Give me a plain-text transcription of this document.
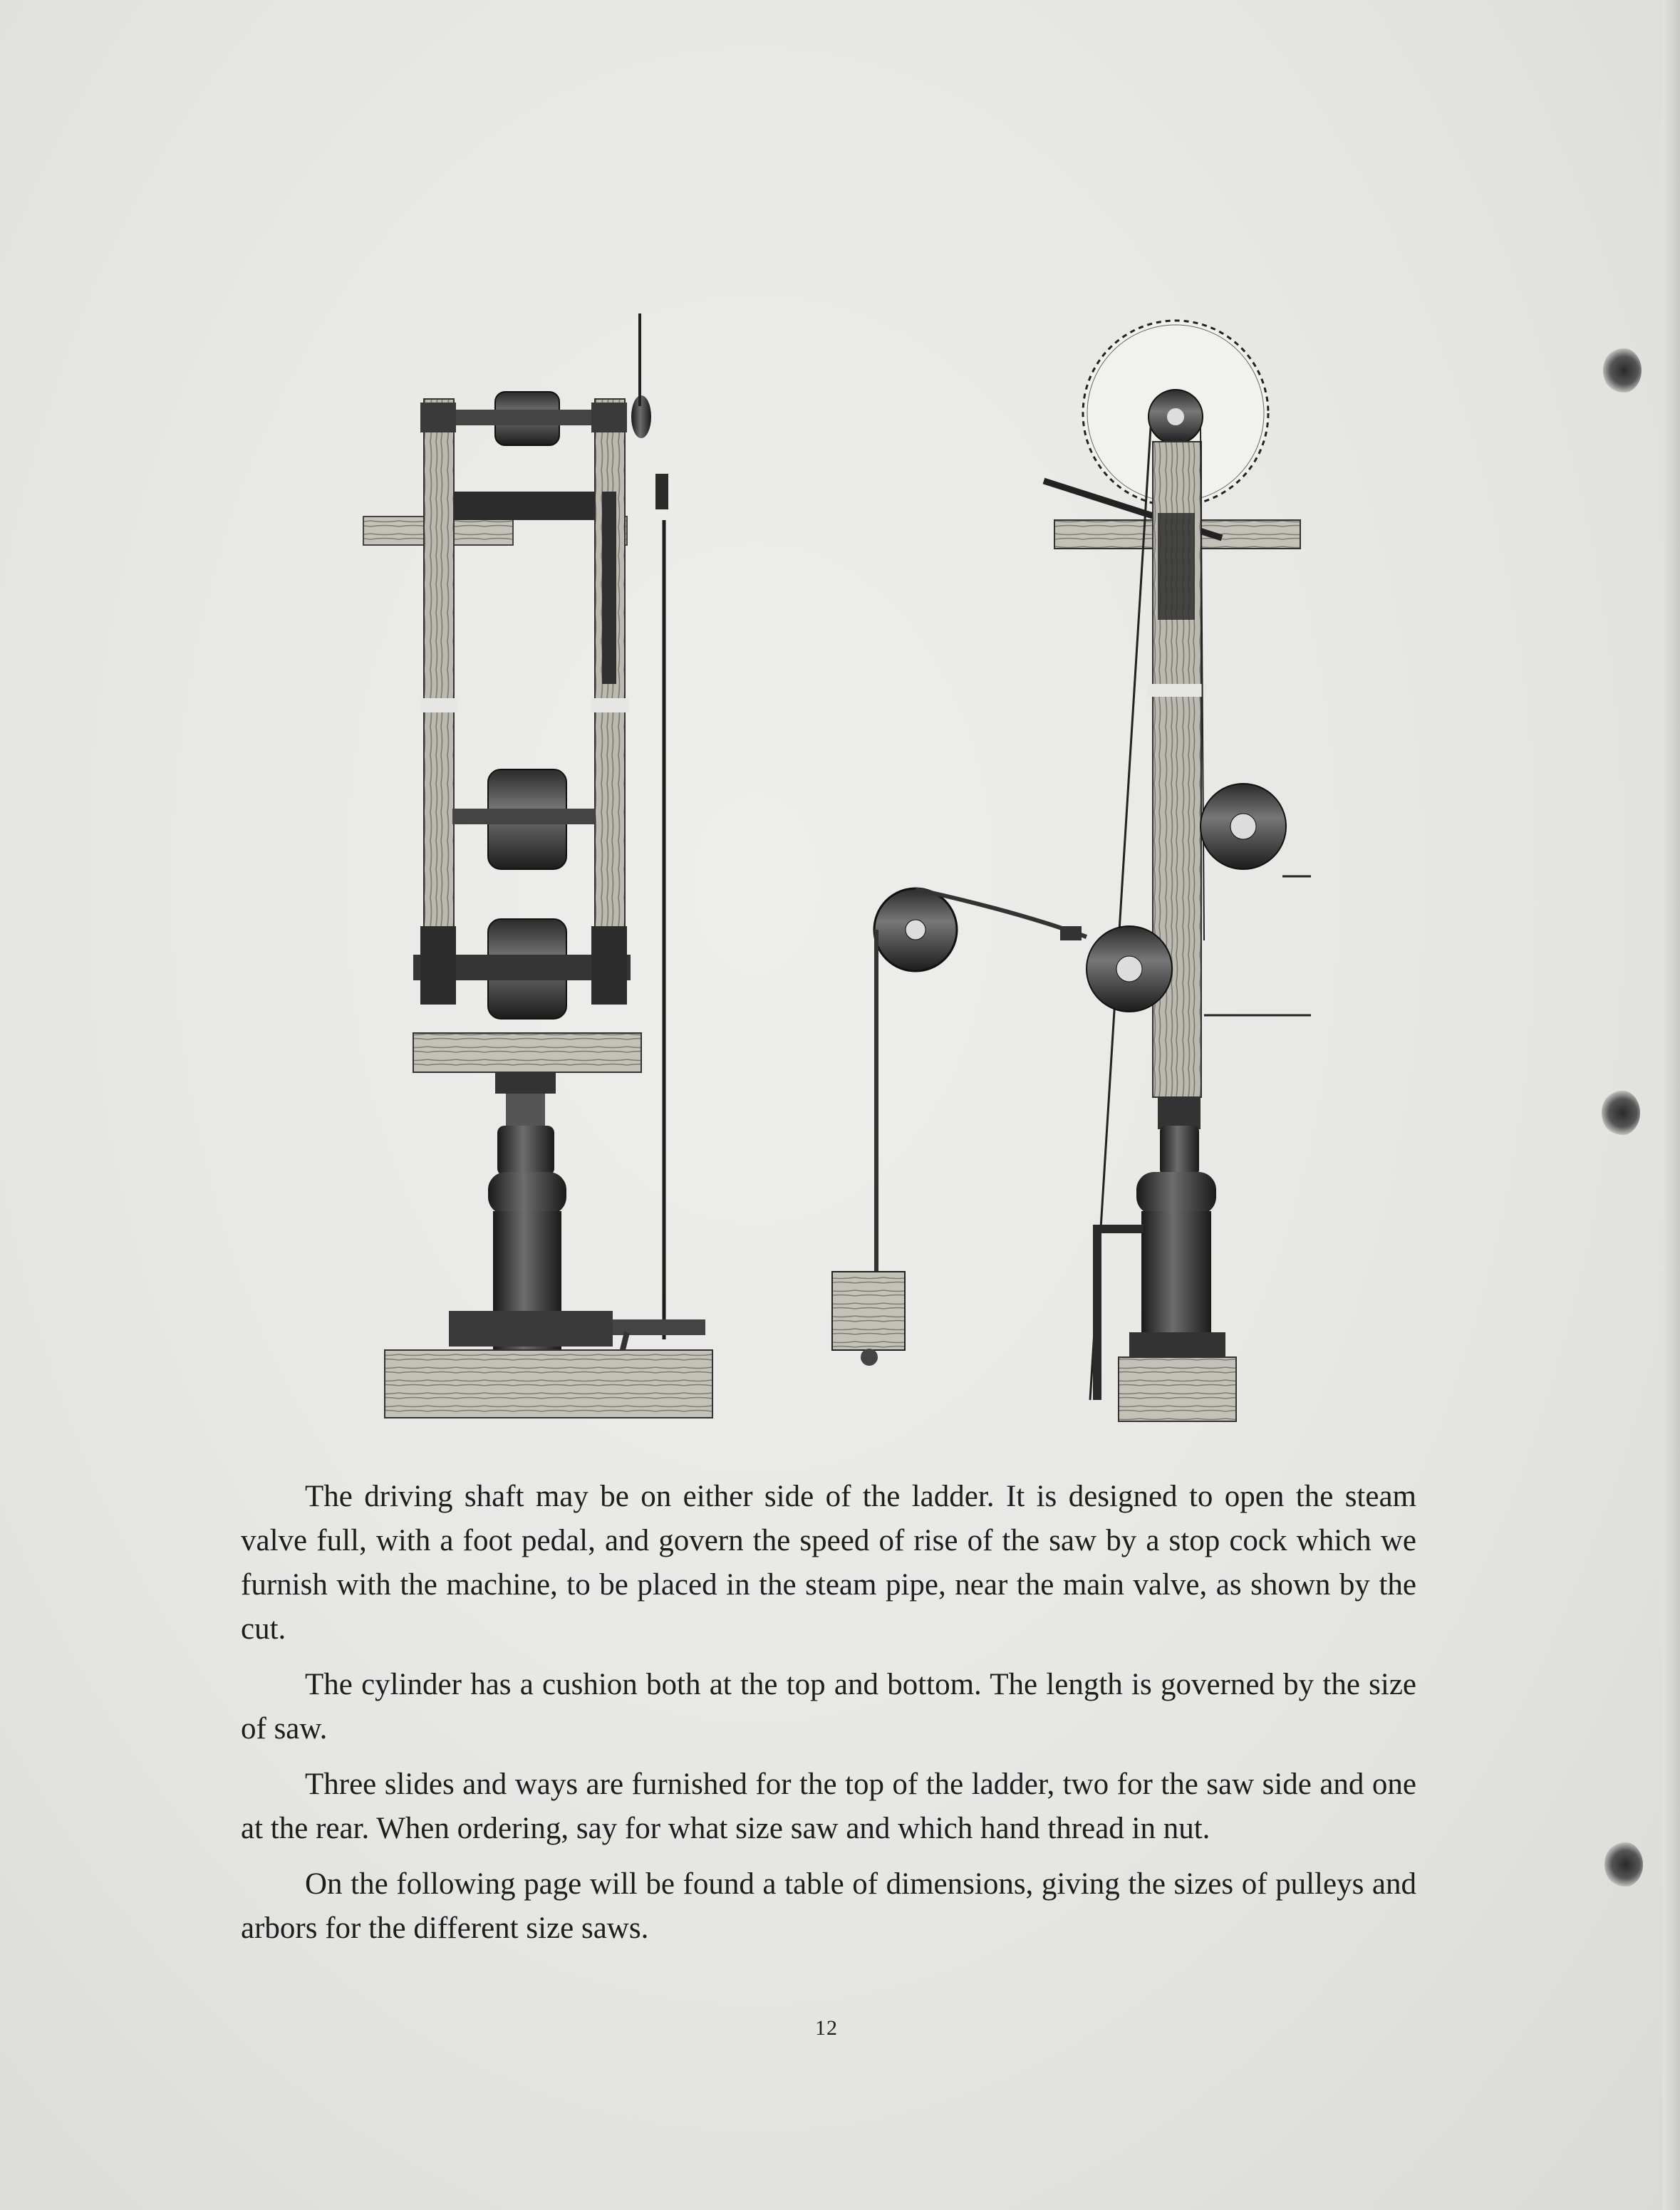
The driving shaft may be on either side of the ladder. It is designed to open the steam valve full, with a foot pedal, and govern the speed of rise of the saw by a stop cock which we furnish with the machine, to be placed in the steam pipe, near the main valve, as shown by the cut.

The cylinder has a cushion both at the top and bottom. The length is governed by the size of saw.

Three slides and ways are furnished for the top of the ladder, two for the saw side and one at the rear. When ordering, say for what size saw and which hand thread in nut.

On the following page will be found a table of dimensions, giving the sizes of pulleys and arbors for the different size saws.

12
